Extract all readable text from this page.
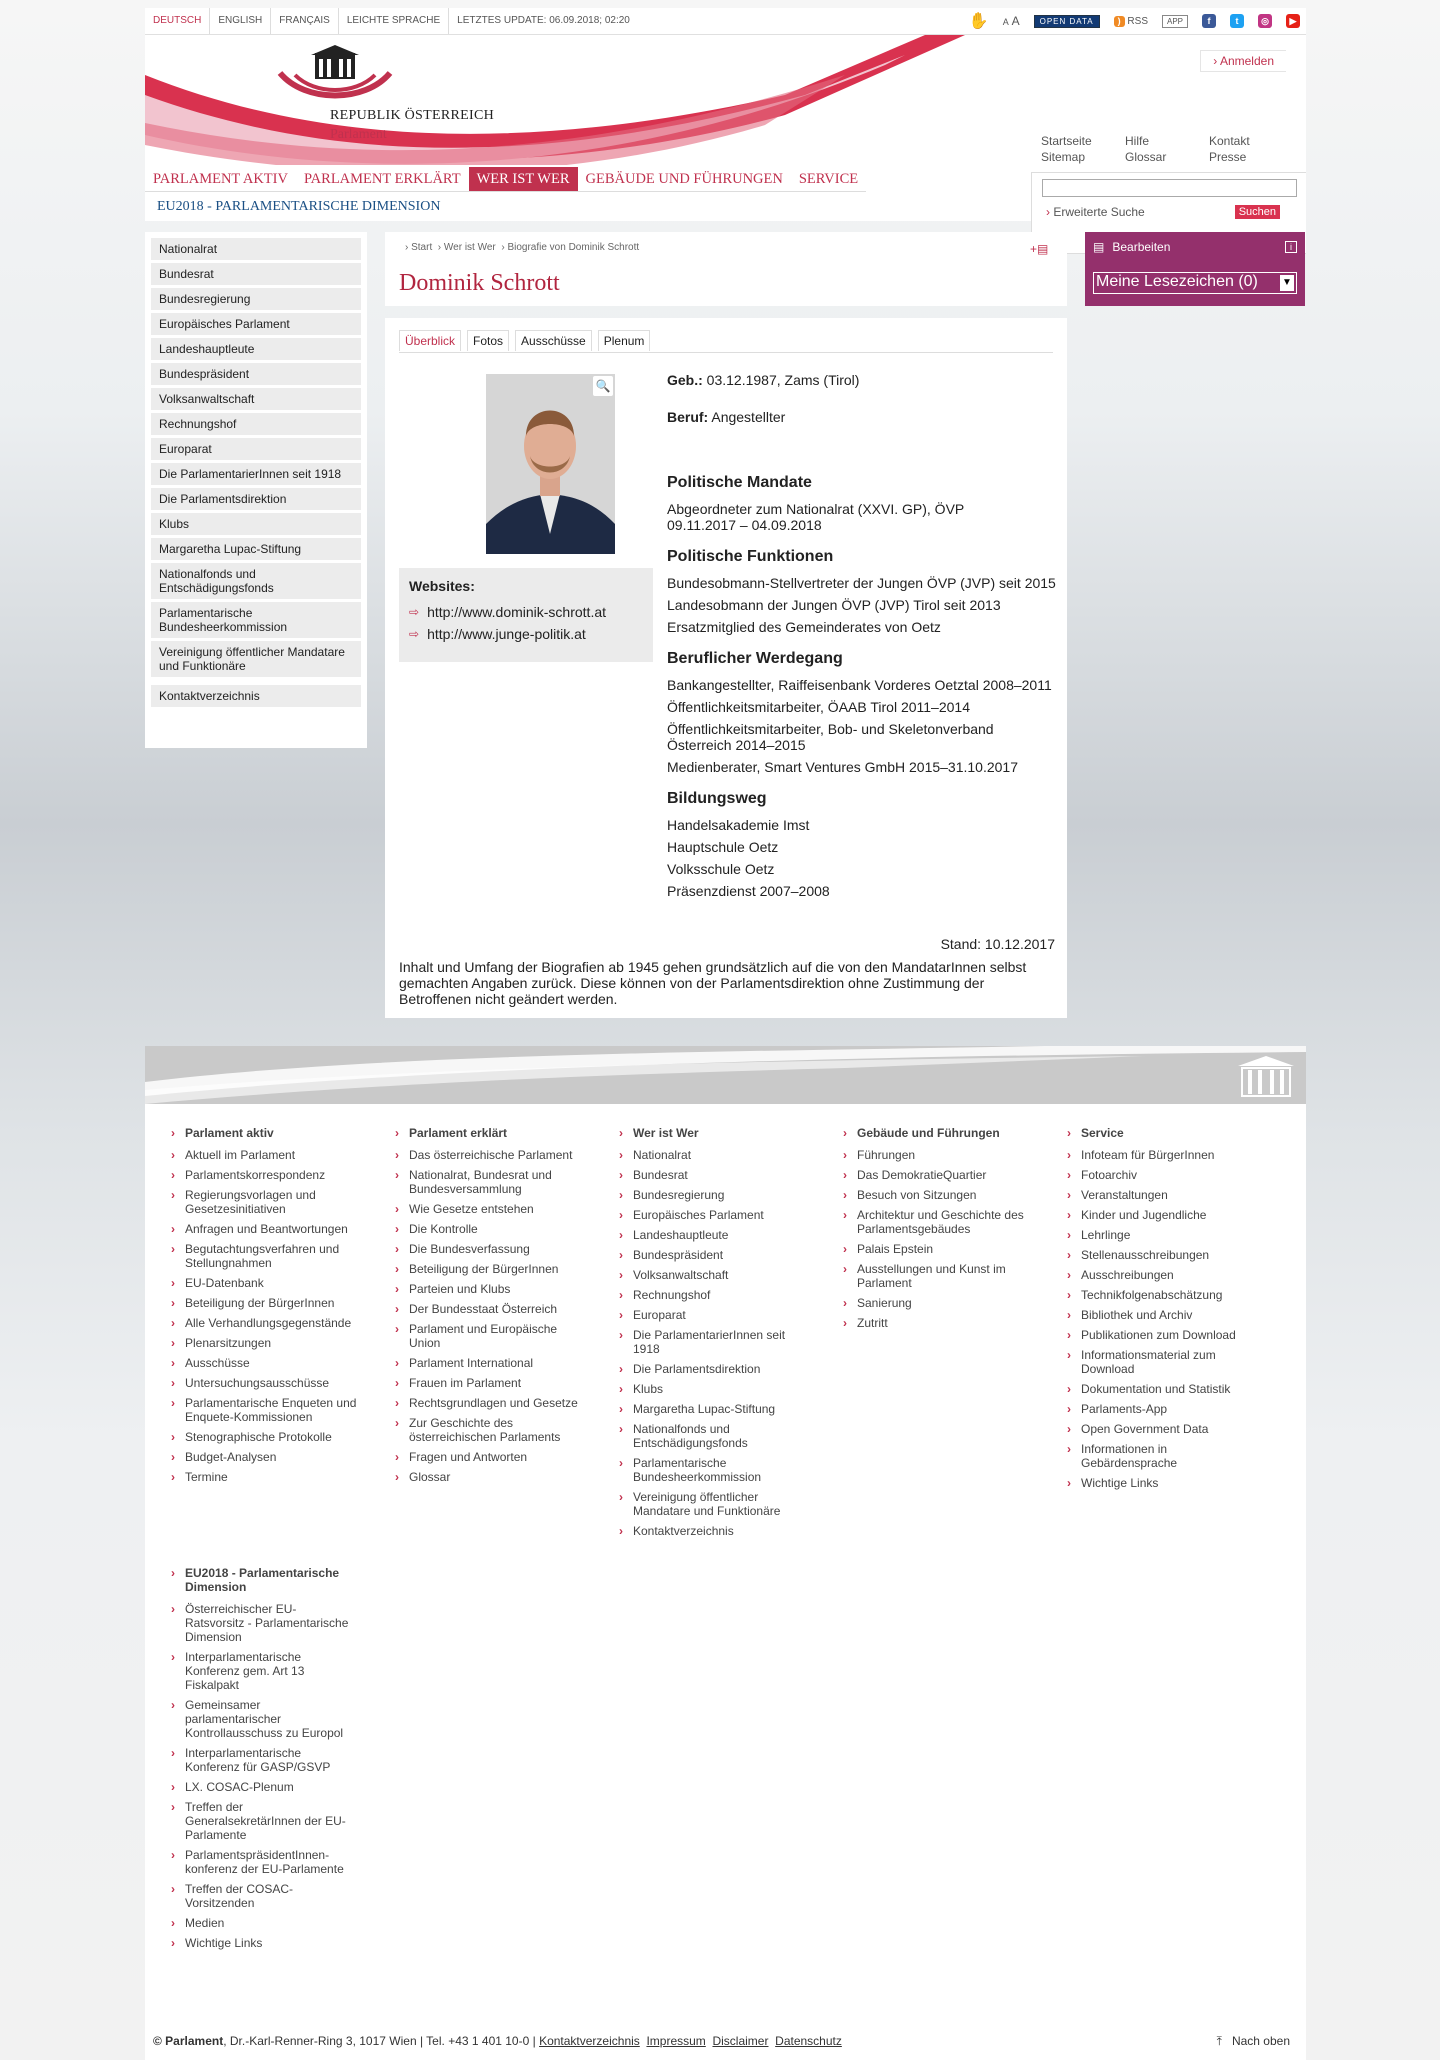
DEUTSCH	ENGLISH	FRANÇAIS	LEICHTE SPRACHE	LETZTES UPDATE: 06.09.2018; 02:20	✋ A A	OPEN DATA	) RSS	APP	f	t	◎	▶
REPUBLIK ÖSTERREICH
Parlament
› Anmelden
Startseite	Hilfe	Kontakt
Sitemap	Glossar	Presse
PARLAMENT AKTIV	PARLAMENT ERKLÄRT	WER IST WER	GEBÄUDE UND FÜHRUNGEN	SERVICE
EU2018 - PARLAMENTARISCHE DIMENSION	› Erweiterte Suche	Suchen
Nationalrat
Bundesrat
Bundesregierung
Europäisches Parlament
Landeshauptleute
Bundespräsident
Volksanwaltschaft
Rechnungshof
Europarat
Die ParlamentarierInnen seit 1918
Die Parlamentsdirektion
Klubs
Margaretha Lupac-Stiftung
Nationalfonds und Entschädigungsfonds
Parlamentarische Bundesheerkommission
Vereinigung öffentlicher Mandatare und Funktionäre
Kontaktverzeichnis
› Start  › Wer ist Wer  › Biografie von Dominik Schrott	+▤
Dominik Schrott
Überblick	Fotos	Ausschüsse	Plenum
🔍
Websites:
⇨ http://www.dominik-schrott.at
⇨ http://www.junge-politik.at
Geb.: 03.12.1987, Zams (Tirol)
Beruf: Angestellter
Politische Mandate

Abgeordneter zum Nationalrat (XXVI. GP), ÖVP 09.11.2017 – 04.09.2018

Politische Funktionen

Bundesobmann-Stellvertreter der Jungen ÖVP (JVP) seit 2015

Landesobmann der Jungen ÖVP (JVP) Tirol seit 2013

Ersatzmitglied des Gemeinderates von Oetz

Beruflicher Werdegang

Bankangestellter, Raiffeisenbank Vorderes Oetztal 2008–2011

Öffentlichkeitsmitarbeiter, ÖAAB Tirol 2011–2014

Öffentlichkeitsmitarbeiter, Bob- und Skeletonverband Österreich 2014–2015

Medienberater, Smart Ventures GmbH 2015–31.10.2017

Bildungsweg

Handelsakademie Imst

Hauptschule Oetz

Volksschule Oetz

Präsenzdienst 2007–2008

Stand: 10.12.2017
Inhalt und Umfang der Biografien ab 1945 gehen grundsätzlich auf die von den MandatarInnen selbst gemachten Angaben zurück. Diese können von der Parlamentsdirektion ohne Zustimmung der Betroffenen nicht geändert werden.
▤ Bearbeiten	i
Meine Lesezeichen (0) ▼
© Parlament, Dr.-Karl-Renner-Ring 3, 1017 Wien | Tel. +43 1 401 10-0 | Kontaktverzeichnis Impressum Disclaimer Datenschutz	⤒ Nach oben
› Parlament aktiv
› Aktuell im Parlament
› Parlamentskorrespondenz
› Regierungsvorlagen und Gesetzesinitiativen
› Anfragen und Beantwortungen
› Begutachtungsverfahren und Stellungnahmen
› EU-Datenbank
› Beteiligung der BürgerInnen
› Alle Verhandlungsgegenstände
› Plenarsitzungen
› Ausschüsse
› Untersuchungsausschüsse
› Parlamentarische Enqueten und Enquete-Kommissionen
› Stenographische Protokolle
› Budget-Analysen
› Termine
› Parlament erklärt
› Das österreichische Parlament
› Nationalrat, Bundesrat und Bundesversammlung
› Wie Gesetze entstehen
› Die Kontrolle
› Die Bundesverfassung
› Beteiligung der BürgerInnen
› Parteien und Klubs
› Der Bundesstaat Österreich
› Parlament und Europäische Union
› Parlament International
› Frauen im Parlament
› Rechtsgrundlagen und Gesetze
› Zur Geschichte des österreichischen Parlaments
› Fragen und Antworten
› Glossar
› Wer ist Wer
› Nationalrat
› Bundesrat
› Bundesregierung
› Europäisches Parlament
› Landeshauptleute
› Bundespräsident
› Volksanwaltschaft
› Rechnungshof
› Europarat
› Die ParlamentarierInnen seit 1918
› Die Parlamentsdirektion
› Klubs
› Margaretha Lupac-Stiftung
› Nationalfonds und Entschädigungsfonds
› Parlamentarische Bundesheerkommission
› Vereinigung öffentlicher Mandatare und Funktionäre
› Kontaktverzeichnis
› Gebäude und Führungen
› Führungen
› Das DemokratieQuartier
› Besuch von Sitzungen
› Architektur und Geschichte des Parlamentsgebäudes
› Palais Epstein
› Ausstellungen und Kunst im Parlament
› Sanierung
› Zutritt
› Service
› Infoteam für BürgerInnen
› Fotoarchiv
› Veranstaltungen
› Kinder und Jugendliche
› Lehrlinge
› Stellenausschreibungen
› Ausschreibungen
› Technikfolgenabschätzung
› Bibliothek und Archiv
› Publikationen zum Download
› Informationsmaterial zum Download
› Dokumentation und Statistik
› Parlaments-App
› Open Government Data
› Informationen in Gebärdensprache
› Wichtige Links
› EU2018 - Parlamentarische Dimension
› Österreichischer EU-Ratsvorsitz - Parlamentarische Dimension
› Interparlamentarische Konferenz gem. Art 13 Fiskalpakt
› Gemeinsamer parlamentarischer Kontrollausschuss zu Europol
› Interparlamentarische Konferenz für GASP/GSVP
› LX. COSAC-Plenum
› Treffen der GeneralsekretärInnen der EU-Parlamente
› ParlamentspräsidentInnen-konferenz der EU-Parlamente
› Treffen der COSAC-Vorsitzenden
› Medien
› Wichtige Links
